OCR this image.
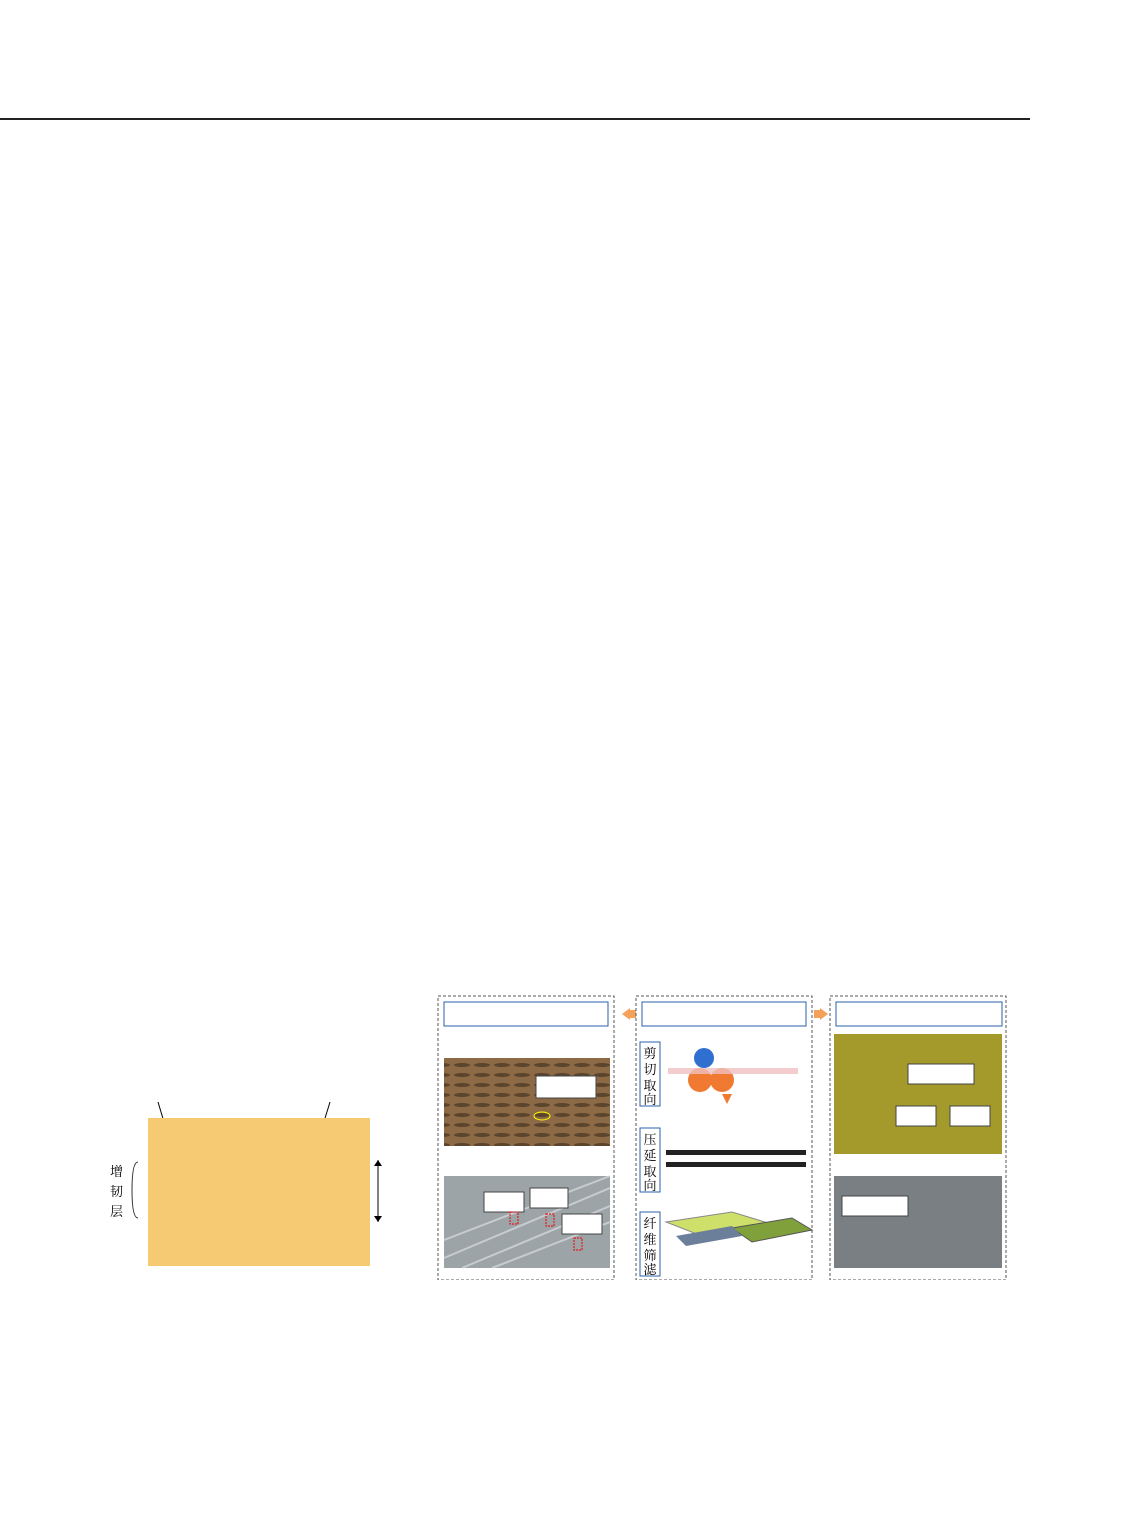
增
韧
层
剪
切
取
向
压
延
取
向
纤
维
筛
滤
